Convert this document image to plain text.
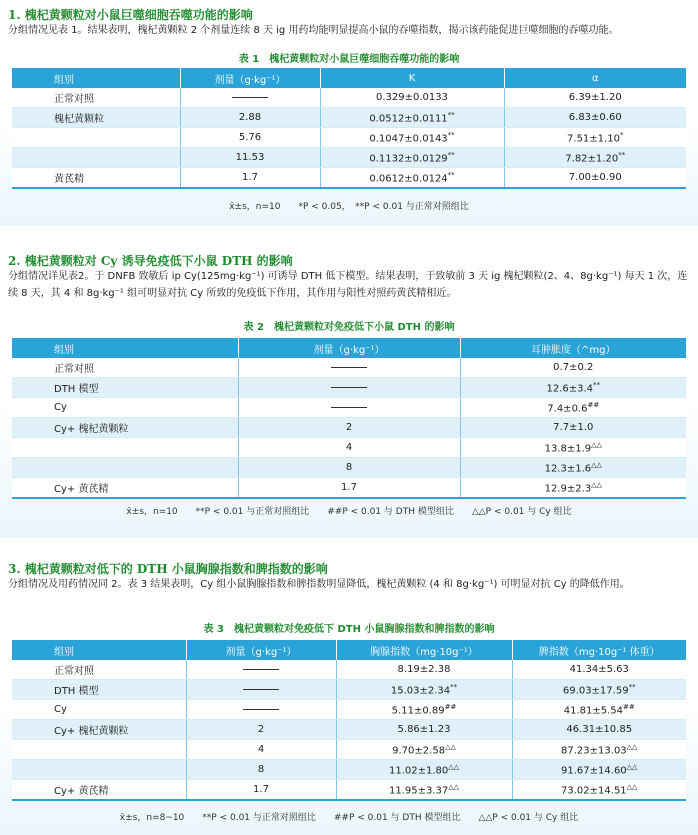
1. 槐杞黄颗粒对小鼠巨噬细胞吞噬功能的影响

分组情况见表 1。结果表明，槐杞黄颗粒 2 个剂量连续 8 天 ig 用药均能明显提高小鼠的吞噬指数，揭示该药能促进巨噬细胞的吞噬功能。

表 1　槐杞黄颗粒对小鼠巨噬细胞吞噬功能的影响
组别	剂量（g·kg⁻¹）	K	α
正常对照		0.329±0.0133	6.39±1.20
槐杞黄颗粒	2.88	0.0512±0.0111**	6.83±0.60
	5.76	0.1047±0.0143**	7.51±1.10*
	11.53	0.1132±0.0129**	7.82±1.20**
黄芪精	1.7	0.0612±0.0124**	7.00±0.90
x̄±s，n=10　　*P < 0.05，　**P < 0.01 与正常对照组比
2. 槐杞黄颗粒对 Cy 诱导免疫低下小鼠 DTH 的影响

分组情况详见表2。于 DNFB 致敏后 ip Cy(125mg·kg⁻¹) 可诱导 DTH 低下模型。结果表明，于致敏前 3 天 ig 槐杞颗粒(2、4、8g·kg⁻¹) 每天 1 次，连续 8 天，其 4 和 8g·kg⁻¹ 组可明显对抗 Cy 所致的免疫低下作用，其作用与阳性对照药黄芪精相近。

表 2　槐杞黄颗粒对免疫低下小鼠 DTH 的影响
组别	剂量（g·kg⁻¹）	耳肿胀度（^mg）
正常对照		0.7±0.2
DTH 模型		12.6±3.4**
Cy		7.4±0.6##
Cy+ 槐杞黄颗粒	2	7.7±1.0
	4	13.8±1.9△△
	8	12.3±1.6△△
Cy+ 黄芪精	1.7	12.9±2.3△△
x̄±s，n=10　　**P < 0.01 与正常对照组比　　##P < 0.01 与 DTH 模型组比　　△△P < 0.01 与 Cy 组比
3. 槐杞黄颗粒对低下的 DTH 小鼠胸腺指数和脾指数的影响

分组情况及用药情况同 2。表 3 结果表明，Cy 组小鼠胸腺指数和脾指数明显降低，槐杞黄颗粒 (4 和 8g·kg⁻¹) 可明显对抗 Cy 的降低作用。

表 3　槐杞黄颗粒对免疫低下 DTH 小鼠胸腺指数和脾指数的影响
组别	剂量（g·kg⁻¹）	胸腺指数（mg·10g⁻¹）	脾指数（mg·10g⁻¹ 体重）
正常对照		8.19±2.38	41.34±5.63
DTH 模型		15.03±2.34**	69.03±17.59**
Cy		5.11±0.89##	41.81±5.54##
Cy+ 槐杞黄颗粒	2	5.86±1.23	46.31±10.85
	4	9.70±2.58△△	87.23±13.03△△
	8	11.02±1.80△△	91.67±14.60△△
Cy+ 黄芪精	1.7	11.95±3.37△△	73.02±14.51△△
x̄±s，n=8~10　　**P < 0.01 与正常对照组比　　##P < 0.01 与 DTH 模型组比　　△△P < 0.01 与 Cy 组比
